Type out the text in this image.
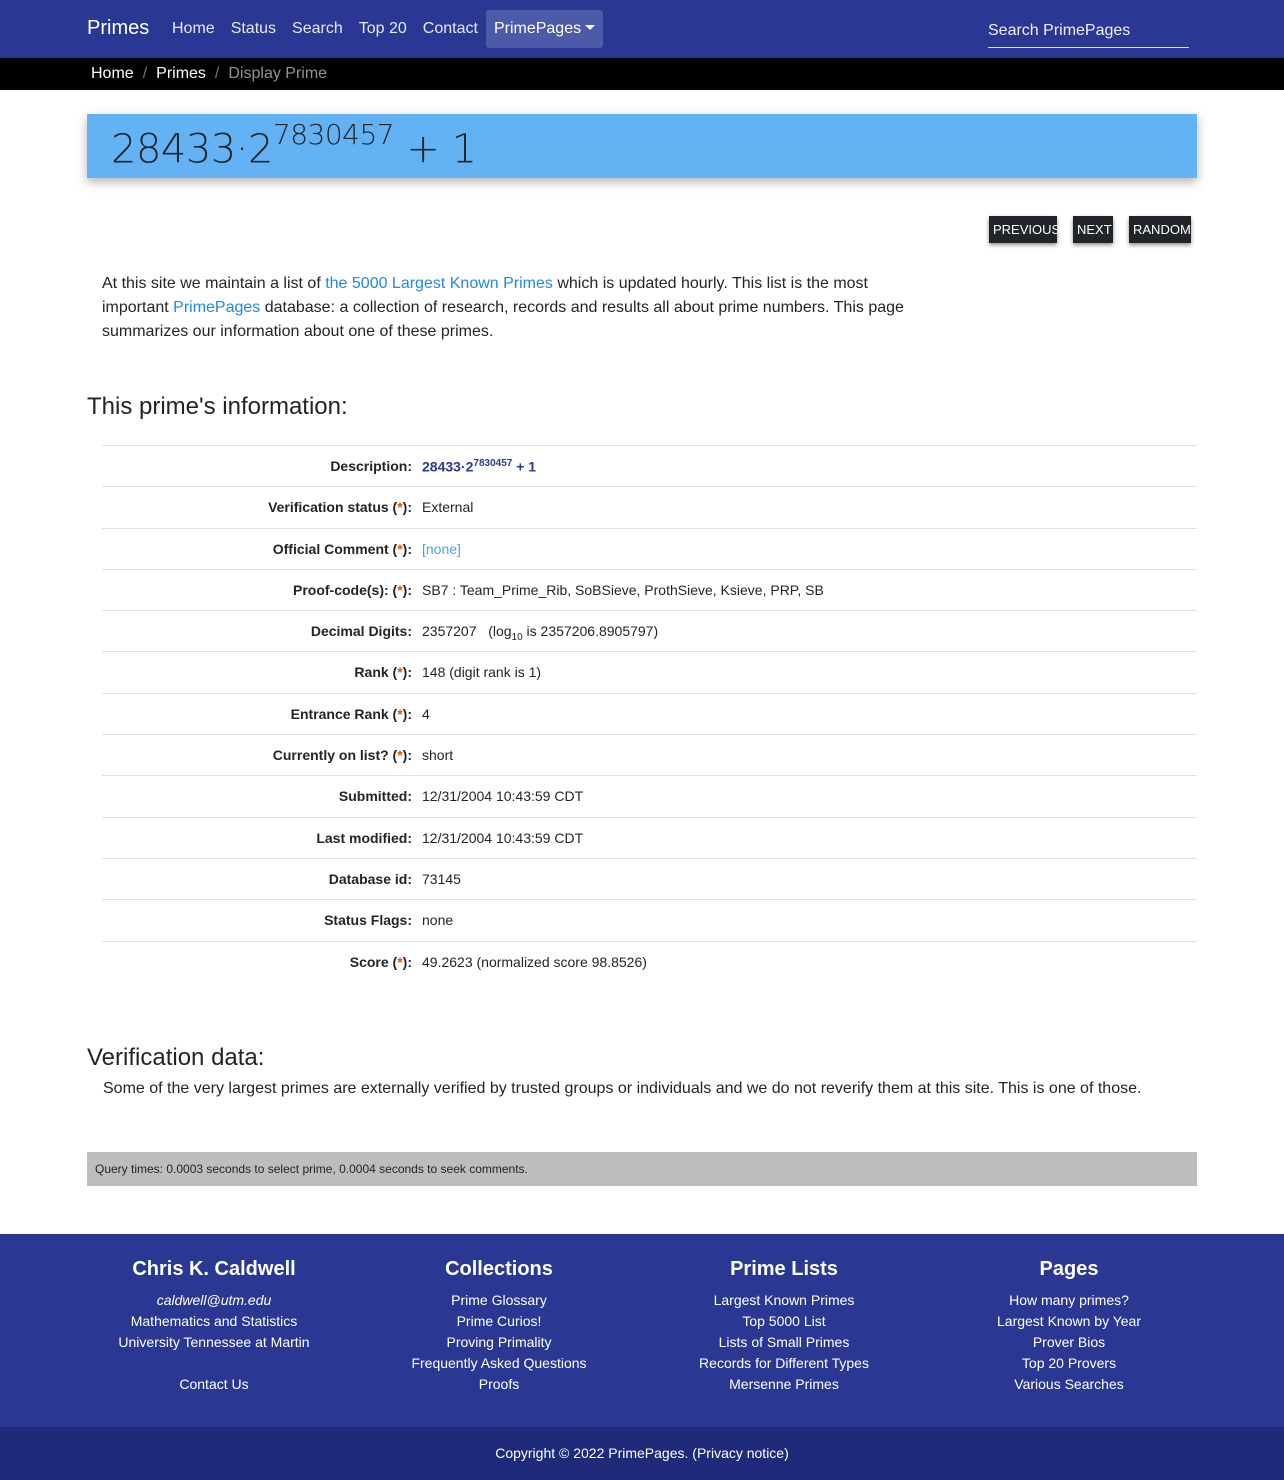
Primes	Home	Status	Search	Top 20	Contact	PrimePages
Search PrimePages
Home / Primes / Display Prime
$28433\cdot 2^{7830457} + 1$
PREVIOUS	NEXT	RANDOM

At this site we maintain a list of the 5000 Largest Known Primes which is updated hourly. This list is the most important PrimePages database: a collection of research, records and results all about prime numbers. This page summarizes our information about one of these primes.

This prime's information:
Description: $28433\cdot 2^{7830457} + 1$
Verification status (*): External
Official Comment (*): [none]
Proof-code(s): (*): SB7 : Team_Prime_Rib, SoBSieve, ProthSieve, Ksieve, PRP, SB
Decimal Digits: 2357207 ($\log_{10}$ is 2357206.8905797)
Rank (*): 148 (digit rank is 1)
Entrance Rank (*): 4
Currently on list? (*): short
Submitted: 12/31/2004 10:43:59 CDT
Last modified: 12/31/2004 10:43:59 CDT
Database id: 73145
Status Flags: none
Score (*): 49.2623 (normalized score 98.8526)
Verification data:

Some of the very largest primes are externally verified by trusted groups or individuals and we do not reverify them at this site. This is one of those.

Query times: 0.0003 seconds to select prime, 0.0004 seconds to seek comments.
Chris K. Caldwell
caldwell@utm.edu
Mathematics and Statistics
University Tennessee at Martin
Contact Us
Collections
Prime Glossary
Prime Curios!
Proving Primality
Frequently Asked Questions
Proofs
Prime Lists
Largest Known Primes
Top 5000 List
Lists of Small Primes
Records for Different Types
Mersenne Primes
Pages
How many primes?
Largest Known by Year
Prover Bios
Top 20 Provers
Various Searches
Copyright © 2022 PrimePages. (Privacy notice)
